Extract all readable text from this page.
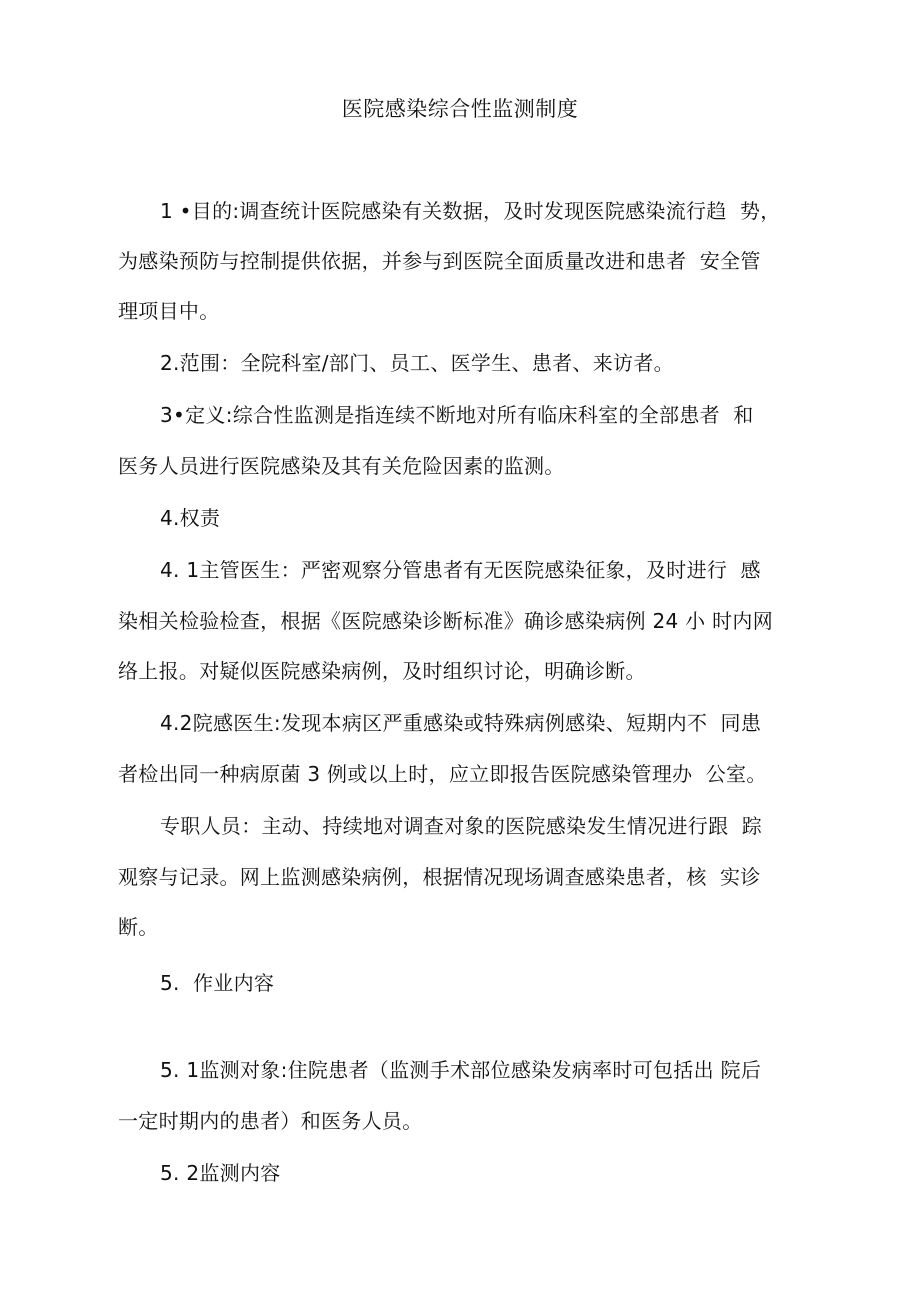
医院感染综合性监测制度
1 •目的:调查统计医院感染有关数据，及时发现医院感染流行趋  势，
为感染预防与控制提供依据，并参与到医院全面质量改进和患者  安全管
理项目中。
2.范围：全院科室/部门、员工、医学生、患者、来访者。
3•定义:综合性监测是指连续不断地对所有临床科室的全部患者  和
医务人员进行医院感染及其有关危险因素的监测。
4.权责
4. 1主管医生：严密观察分管患者有无医院感染征象，及时进行  感
染相关检验检查，根据《医院感染诊断标准》确诊感染病例 24 小 时内网
络上报。对疑似医院感染病例，及时组织讨论，明确诊断。
4.2院感医生:发现本病区严重感染或特殊病例感染、短期内不  同患
者检出同一种病原菌 3 例或以上时，应立即报告医院感染管理办  公室。
专职人员：主动、持续地对调查对象的医院感染发生情况进行跟  踪
观察与记录。网上监测感染病例，根据情况现场调查感染患者，核  实诊
断。
5.  作业内容
5. 1监测对象:住院患者（监测手术部位感染发病率时可包括出 院后
一定时期内的患者）和医务人员。
5. 2监测内容
